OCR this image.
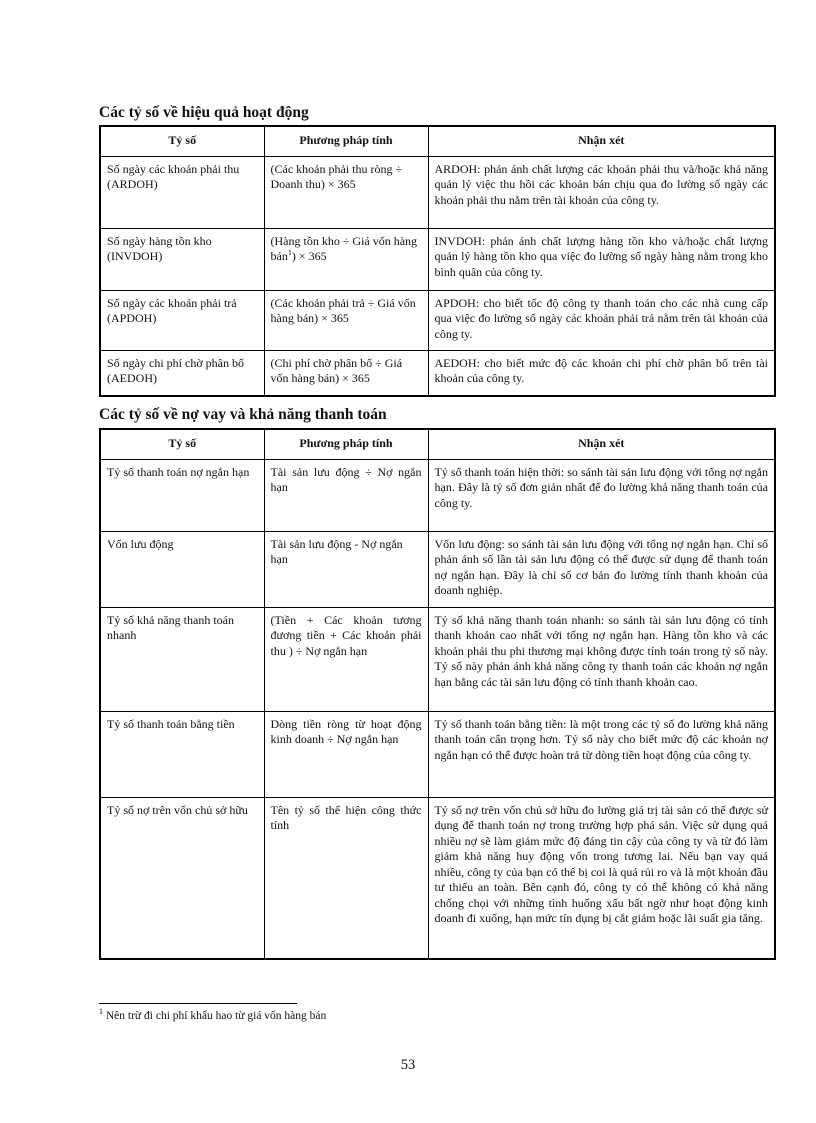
Các tỷ số về hiệu quả hoạt động
Tỷ số	Phương pháp tính	Nhận xét
Số ngày các khoản phải thu (ARDOH)	(Các khoản phải thu ròng ÷ Doanh thu) × 365	ARDOH: phản ánh chất lượng các khoản phải thu và/hoặc khả năng quản lý việc thu hồi các khoản bán chịu qua đo lường số ngày các khoản phải thu nằm trên tài khoản của công ty.
Số ngày hàng tồn kho (INVDOH)	(Hàng tồn kho ÷ Giá vốn hàng bán$^1$) × 365	INVDOH: phản ánh chất lượng hàng tồn kho và/hoặc chất lượng quản lý hàng tồn kho qua việc đo lường số ngày hàng nằm trong kho bình quân của công ty.
Số ngày các khoản phải trả (APDOH)	(Các khoản phải trả ÷ Giá vốn hàng bán) × 365	APDOH: cho biết tốc độ công ty thanh toán cho các nhà cung cấp qua việc đo lường số ngày các khoản phải trả nằm trên tài khoản của công ty.
Số ngày chi phí chờ phân bổ (AEDOH)	(Chi phí chờ phân bổ ÷ Giá vốn hàng bán) × 365	AEDOH: cho biết mức độ các khoản chi phí chờ phân bổ trên tài khoản của công ty.
Các tỷ số về nợ vay và khả năng thanh toán
Tỷ số	Phương pháp tính	Nhận xét
Tỷ số thanh toán nợ ngắn hạn	Tài sản lưu động ÷ Nợ ngắn hạn	Tỷ số thanh toán hiện thời: so sánh tài sản lưu động với tổng nợ ngắn hạn. Đây là tỷ số đơn giản nhất để đo lường khả năng thanh toán của công ty.
Vốn lưu động	Tài sản lưu động - Nợ ngắn hạn	Vốn lưu động: so sánh tài sản lưu động với tổng nợ ngắn hạn. Chỉ số phản ánh số lần tài sản lưu động có thể được sử dụng để thanh toán nợ ngắn hạn. Đây là chỉ số cơ bản đo lường tính thanh khoản của doanh nghiệp.
Tỷ số khả năng thanh toán nhanh	(Tiền + Các khoản tương đương tiền + Các khoản phải thu ) ÷ Nợ ngắn hạn	Tỷ số khả năng thanh toán nhanh: so sánh tài sản lưu động có tính thanh khoản cao nhất với tổng nợ ngắn hạn. Hàng tồn kho và các khoản phải thu phi thương mại không được tính toán trong tỷ số này. Tỷ số này phản ánh khả năng công ty thanh toán các khoản nợ ngắn hạn bằng các tài sản lưu động có tính thanh khoản cao.
Tỷ số thanh toán bằng tiền	Dòng tiền ròng từ hoạt động kinh doanh ÷ Nợ ngắn hạn	Tỷ số thanh toán bằng tiền: là một trong các tỷ số đo lường khả năng thanh toán cẩn trọng hơn. Tỷ số này cho biết mức độ các khoản nợ ngắn hạn có thể được hoàn trả từ dòng tiền hoạt động của công ty.
Tỷ số nợ trên vốn chủ sở hữu	Tên tỷ số thể hiện công thức tính	Tỷ số nợ trên vốn chủ sở hữu đo lường giá trị tài sản có thể được sử dụng để thanh toán nợ trong trường hợp phá sản. Việc sử dụng quá nhiều nợ sẽ làm giảm mức độ đáng tin cậy của công ty và từ đó làm giảm khả năng huy động vốn trong tương lai. Nếu bạn vay quá nhiều, công ty của bạn có thể bị coi là quá rủi ro và là một khoản đầu tư thiếu an toàn. Bên cạnh đó, công ty có thể không có khả năng chống chọi với những tình huống xấu bất ngờ như hoạt động kinh doanh đi xuống, hạn mức tín dụng bị cắt giảm hoặc lãi suất gia tăng.
$^1$ Nên trừ đi chi phí khấu hao từ giá vốn hàng bán
53
